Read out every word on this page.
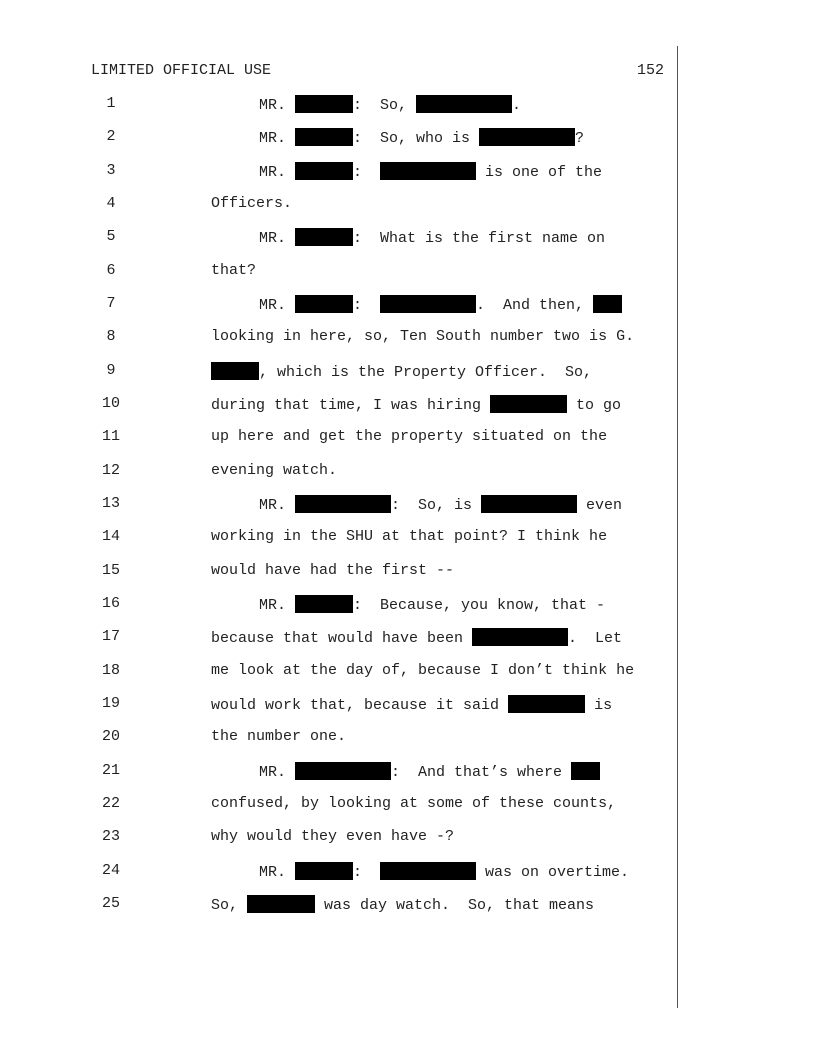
LIMITED OFFICIAL USE	152
1	MR.	:  So,	.
2	MR.	:  So, who is	?
3	MR.	:	is one of the
4	Officers.
5	MR.	:  What is the first name on
6	that?
7	MR.	:	.  And then,
8	looking in here, so, Ten South number two is G.
9	, which is the Property Officer.  So,
10	during that time, I was hiring	to go
11	up here and get the property situated on the
12	evening watch.
13	MR.	:  So, is	even
14	working in the SHU at that point? I think he
15	would have had the first --
16	MR.	:  Because, you know, that -
17	because that would have been	.  Let
18	me look at the day of, because I don’t think he
19	would work that, because it said	is
20	the number one.
21	MR.	:  And that’s where
22	confused, by looking at some of these counts,
23	why would they even have -?
24	MR.	:	was on overtime.
25	So,	was day watch.  So, that means
